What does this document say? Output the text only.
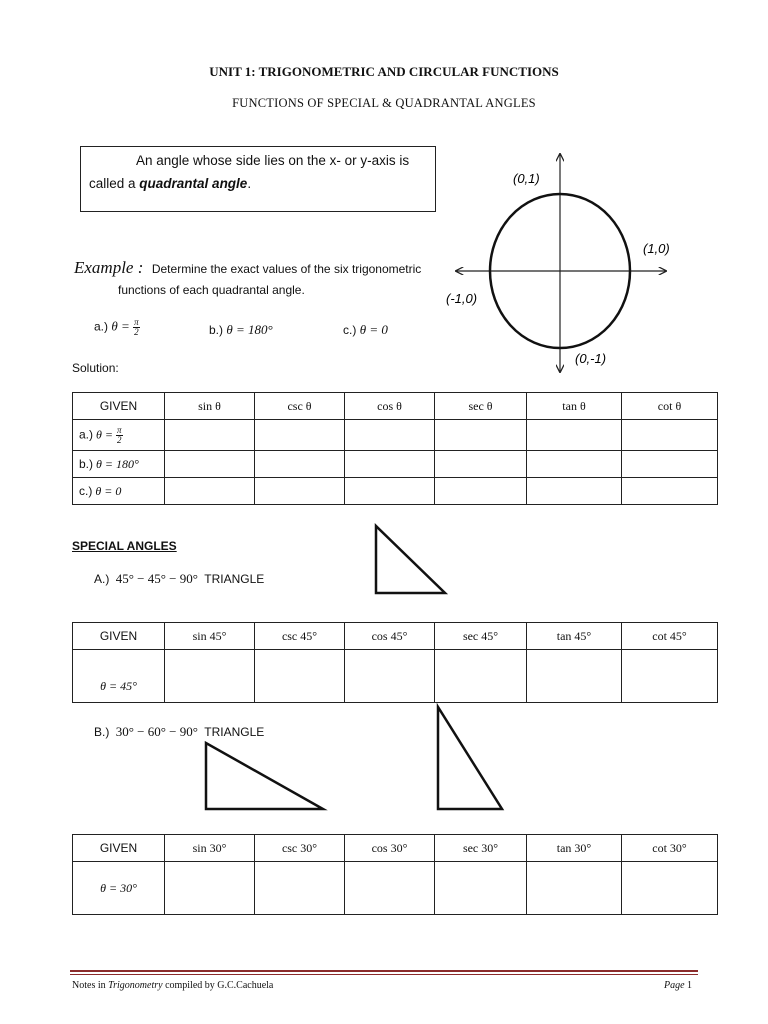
UNIT 1: TRIGONOMETRIC AND CIRCULAR FUNCTIONS
FUNCTIONS OF SPECIAL & QUADRANTAL ANGLES
An angle whose side lies on the x- or y-axis is
called a quadrantal angle.	(0,1)
(1,0)
(-1,0)
(0,-1)
Example : Determine the exact values of the six trigonometric
functions of each quadrantal angle.
a.) $\theta = \frac{\pi}{2}$	b.) θ = 180°	c.) θ = 0
Solution:
GIVEN	sin θ	csc θ	cos θ	sec θ	tan θ	cot θ
a.) $\theta = \frac{\pi}{2}$

b.) θ = 180°						
c.) θ = 0						
SPECIAL ANGLES
A.) 45° − 45° − 90° TRIANGLE
GIVEN	sin 45°	csc 45°	cos 45°	sec 45°	tan 45°	cot 45°
θ = 45°						
B.) 30° − 60° − 90° TRIANGLE
GIVEN	sin 30°	csc 30°	cos 30°	sec 30°	tan 30°	cot 30°
θ = 30°						
Notes in Trigonometry compiled by G.C.Cachuela	Page 1
